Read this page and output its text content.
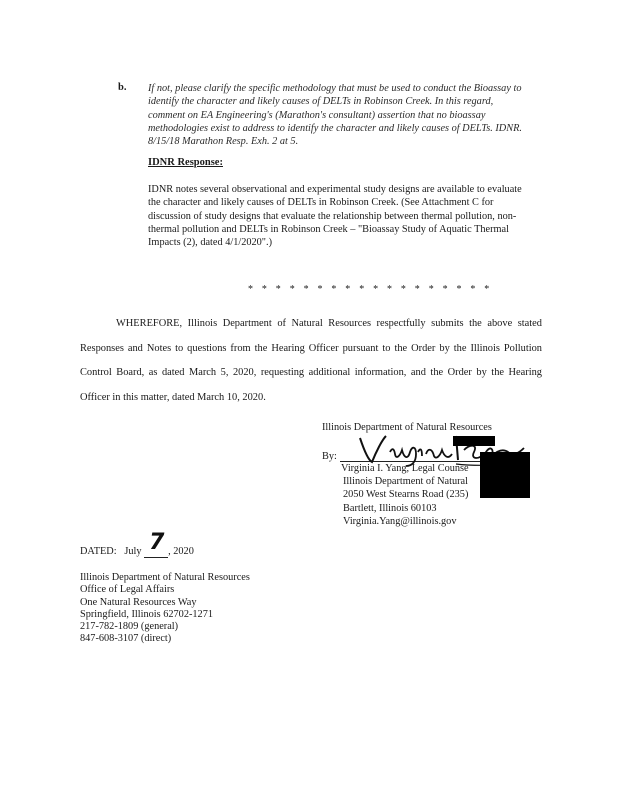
b. If not, please clarify the specific methodology that must be used to conduct the Bioassay to identify the character and likely causes of DELTs in Robinson Creek. In this regard, comment on EA Engineering's (Marathon's consultant) assertion that no bioassay methodologies exist to address to identify the character and likely causes of DELTs. IDNR. 8/15/18 Marathon Resp. Exh. 2 at 5.
IDNR Response:
IDNR notes several observational and experimental study designs are available to evaluate the character and likely causes of DELTs in Robinson Creek. (See Attachment C for discussion of study designs that evaluate the relationship between thermal pollution, non-thermal pollution and DELTs in Robinson Creek – "Bioassay Study of Aquatic Thermal Impacts (2), dated 4/1/2020".)
* * * * * * * * * * * * * * * * * *
WHEREFORE, Illinois Department of Natural Resources respectfully submits the above stated Responses and Notes to questions from the Hearing Officer pursuant to the Order by the Illinois Pollution Control Board, as dated March 5, 2020, requesting additional information, and the Order by the Hearing Officer in this matter, dated March 10, 2020.
Illinois Department of Natural Resources
By:
Virginia I. Yang, Legal Counse
Illinois Department of Natural
2050 West Stearns Road (235)
Bartlett, Illinois 60103
Virginia.Yang@illinois.gov
DATED: July 7 , 2020
Illinois Department of Natural Resources
Office of Legal Affairs
One Natural Resources Way
Springfield, Illinois 62702-1271
217-782-1809 (general)
847-608-3107 (direct)
